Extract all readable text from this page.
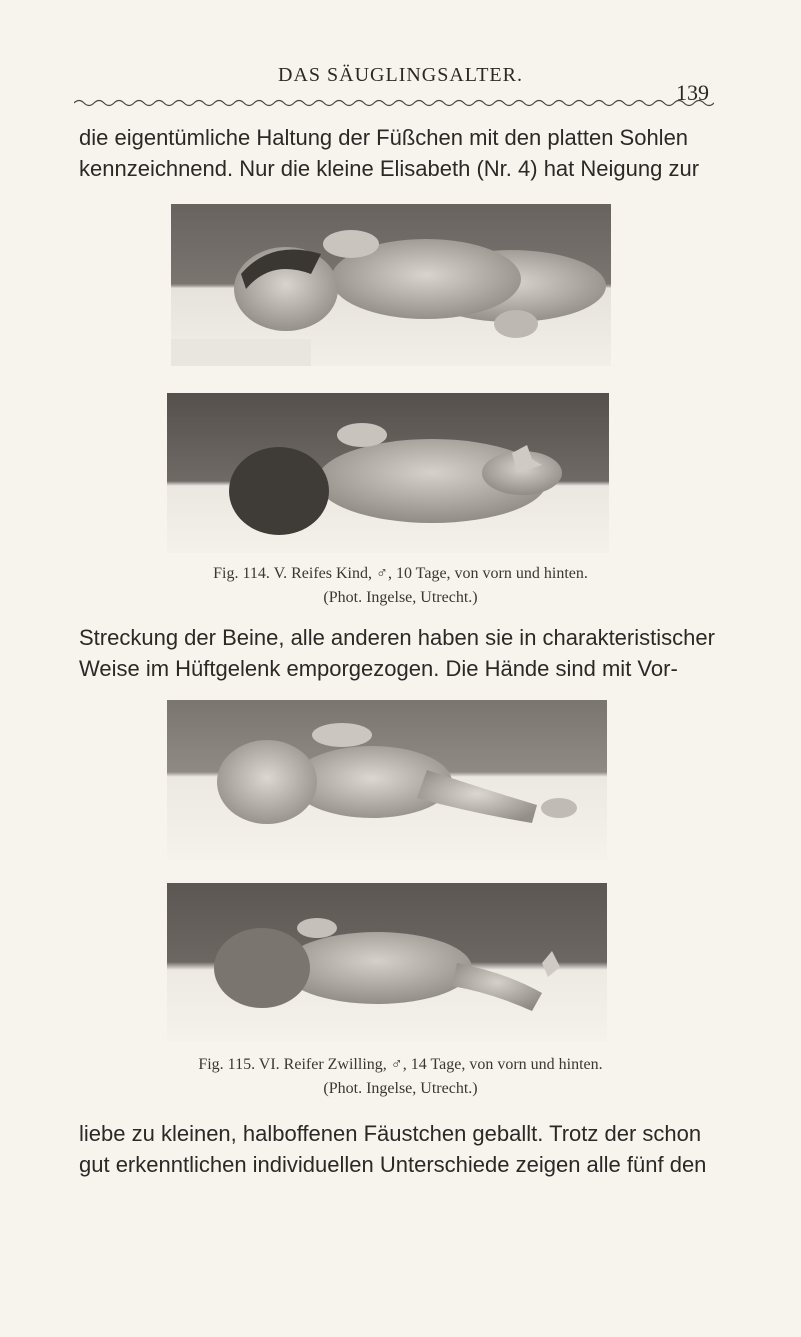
DAS SÄUGLINGSALTER.
139
die eigentümliche Haltung der Füßchen mit den platten Sohlen
kennzeichnend. Nur die kleine Elisabeth (Nr. 4) hat Neigung zur
Fig. 114. V. Reifes Kind, ♂, 10 Tage, von vorn und hinten.
(Phot. Ingelse, Utrecht.)
Streckung der Beine, alle anderen haben sie in charakteristischer
Weise im Hüftgelenk emporgezogen. Die Hände sind mit Vor-
Fig. 115. VI. Reifer Zwilling, ♂, 14 Tage, von vorn und hinten.
(Phot. Ingelse, Utrecht.)
liebe zu kleinen, halboffenen Fäustchen geballt. Trotz der schon
gut erkenntlichen individuellen Unterschiede zeigen alle fünf den
